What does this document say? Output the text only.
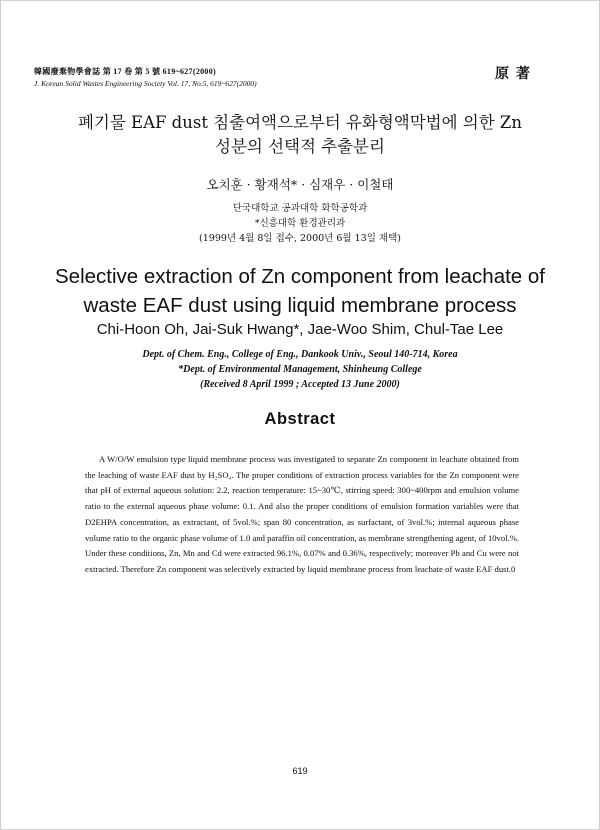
韓國廢棄物學會誌 第 17 卷 第 5 號 619~627(2000)
J. Korean Solid Wastes Engineering Society Vol. 17, No.5, 619~627(2000)
原 著
폐기물 EAF dust 침출여액으로부터 유화형액막법에 의한 Zn
성분의 선택적 추출분리
오치훈 · 황재석* · 심재우 · 이철태
단국대학교 공과대학 화학공학과
*신흥대학 환경관리과
(1999년 4월 8일 접수, 2000년 6월 13일 채택)
Selective extraction of Zn component from leachate of
waste EAF dust using liquid membrane process
Chi-Hoon Oh, Jai-Suk Hwang*, Jae-Woo Shim, Chul-Tae Lee
Dept. of Chem. Eng., College of Eng., Dankook Univ., Seoul 140-714, Korea
*Dept. of Environmental Management, Shinheung College
(Received 8 April 1999 ; Accepted 13 June 2000)
Abstract

A W/O/W emulsion type liquid membrane process was investigated to separate Zn component in leachate obtained from the leaching of waste EAF dust by H₂SO₄. The proper conditions of extraction process variables for the Zn component were that pH of external aqueous solution: 2.2, reaction temperature: 15~30℃, stirring speed: 300~400rpm and emulsion volume ratio to the external aqueous phase volume: 0.1. And also the proper conditions of emulsion formation variables were that D2EHPA concentration, as extractant, of 5vol.%; span 80 concentration, as surfactant, of 3vol.%; internal aqueous phase volume ratio to the organic phase volume of 1.0 and paraffin oil concentration, as membrane strengthening agent, of 10vol.%. Under these conditions, Zn, Mn and Cd were extracted 96.1%, 0.07% and 0.36%, respectively; moreover Pb and Cu were not extracted. Therefore Zn component was selectively extracted by liquid membrane process from leachate of waste EAF dust.0

619
